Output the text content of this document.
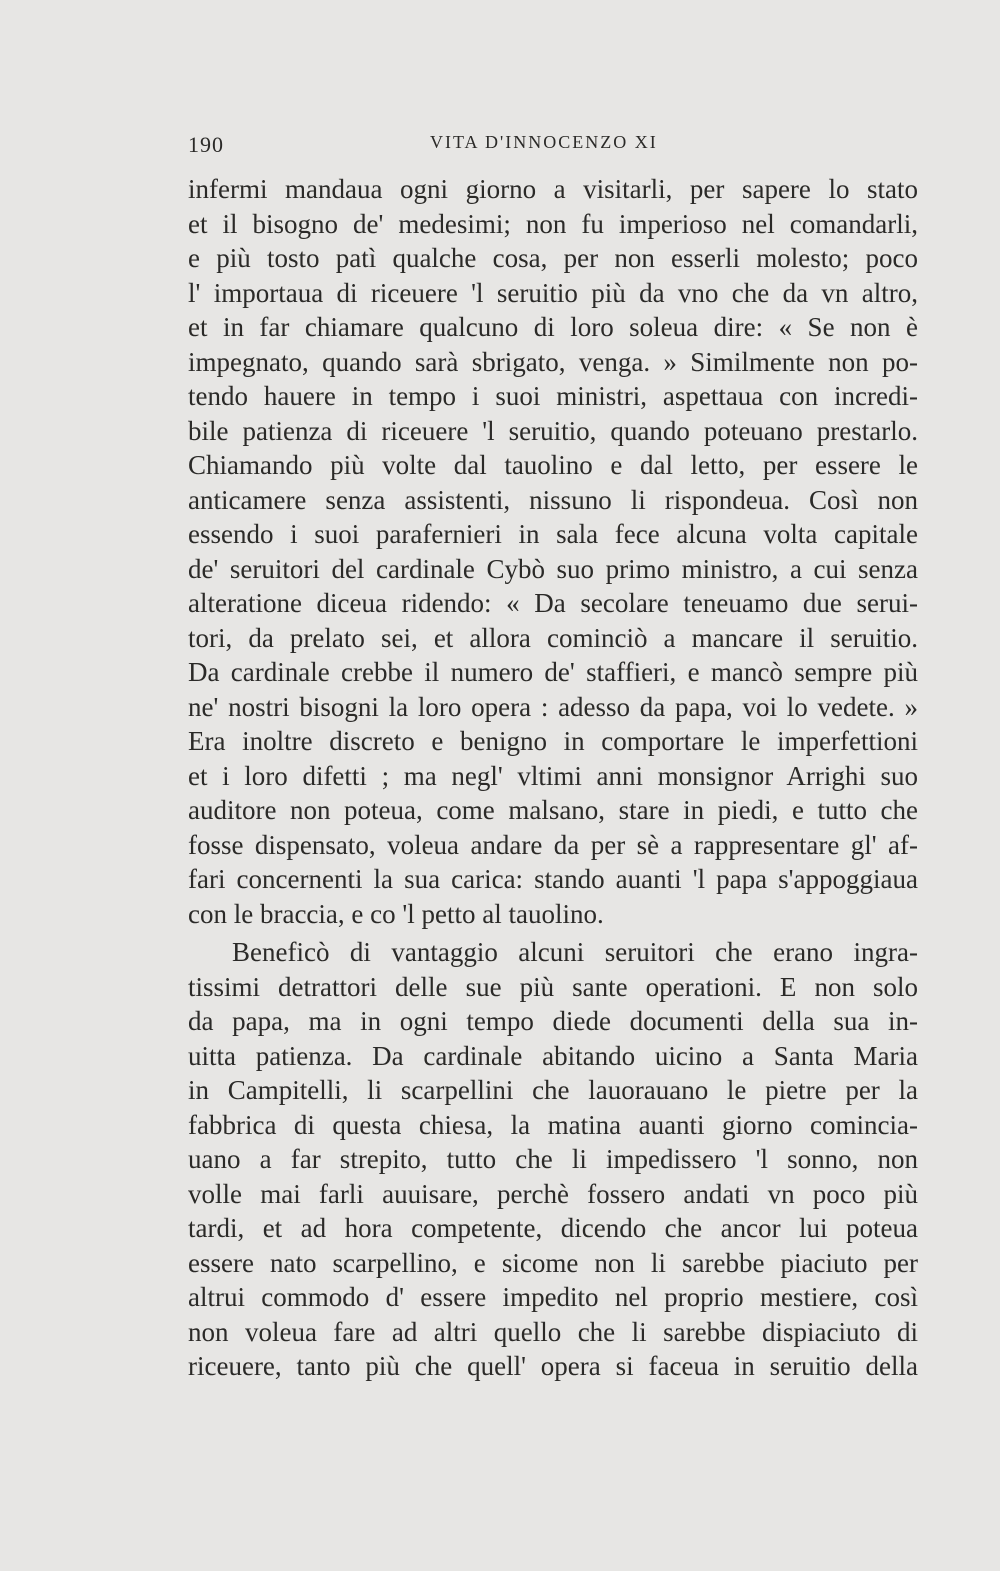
190	VITA D'INNOCENZO XI
infermi mandaua ogni giorno a visitarli, per sapere lo stato
et il bisogno de' medesimi; non fu imperioso nel comandarli,
e più tosto patì qualche cosa, per non esserli molesto; poco
l' importaua di riceuere 'l seruitio più da vno che da vn altro,
et in far chiamare qualcuno di loro soleua dire: « Se non è
impegnato, quando sarà sbrigato, venga. » Similmente non po-
tendo hauere in tempo i suoi ministri, aspettaua con incredi-
bile patienza di riceuere 'l seruitio, quando poteuano prestarlo.
Chiamando più volte dal tauolino e dal letto, per essere le
anticamere senza assistenti, nissuno li rispondeua. Così non
essendo i suoi parafernieri in sala fece alcuna volta capitale
de' seruitori del cardinale Cybò suo primo ministro, a cui senza
alteratione diceua ridendo: « Da secolare teneuamo due serui-
tori, da prelato sei, et allora cominciò a mancare il seruitio.
Da cardinale crebbe il numero de' staffieri, e mancò sempre più
ne' nostri bisogni la loro opera : adesso da papa, voi lo vedete. »
Era inoltre discreto e benigno in comportare le imperfettioni
et i loro difetti ; ma negl' vltimi anni monsignor Arrighi suo
auditore non poteua, come malsano, stare in piedi, e tutto che
fosse dispensato, voleua andare da per sè a rappresentare gl' af-
fari concernenti la sua carica: stando auanti 'l papa s'appoggiaua
con le braccia, e co 'l petto al tauolino.
Beneficò di vantaggio alcuni seruitori che erano ingra-
tissimi detrattori delle sue più sante operationi. E non solo
da papa, ma in ogni tempo diede documenti della sua in-
uitta patienza. Da cardinale abitando uicino a Santa Maria
in Campitelli, li scarpellini che lauorauano le pietre per la
fabbrica di questa chiesa, la matina auanti giorno comincia-
uano a far strepito, tutto che li impedissero 'l sonno, non
volle mai farli auuisare, perchè fossero andati vn poco più
tardi, et ad hora competente, dicendo che ancor lui poteua
essere nato scarpellino, e sicome non li sarebbe piaciuto per
altrui commodo d' essere impedito nel proprio mestiere, così
non voleua fare ad altri quello che li sarebbe dispiaciuto di
riceuere, tanto più che quell' opera si faceua in seruitio della
